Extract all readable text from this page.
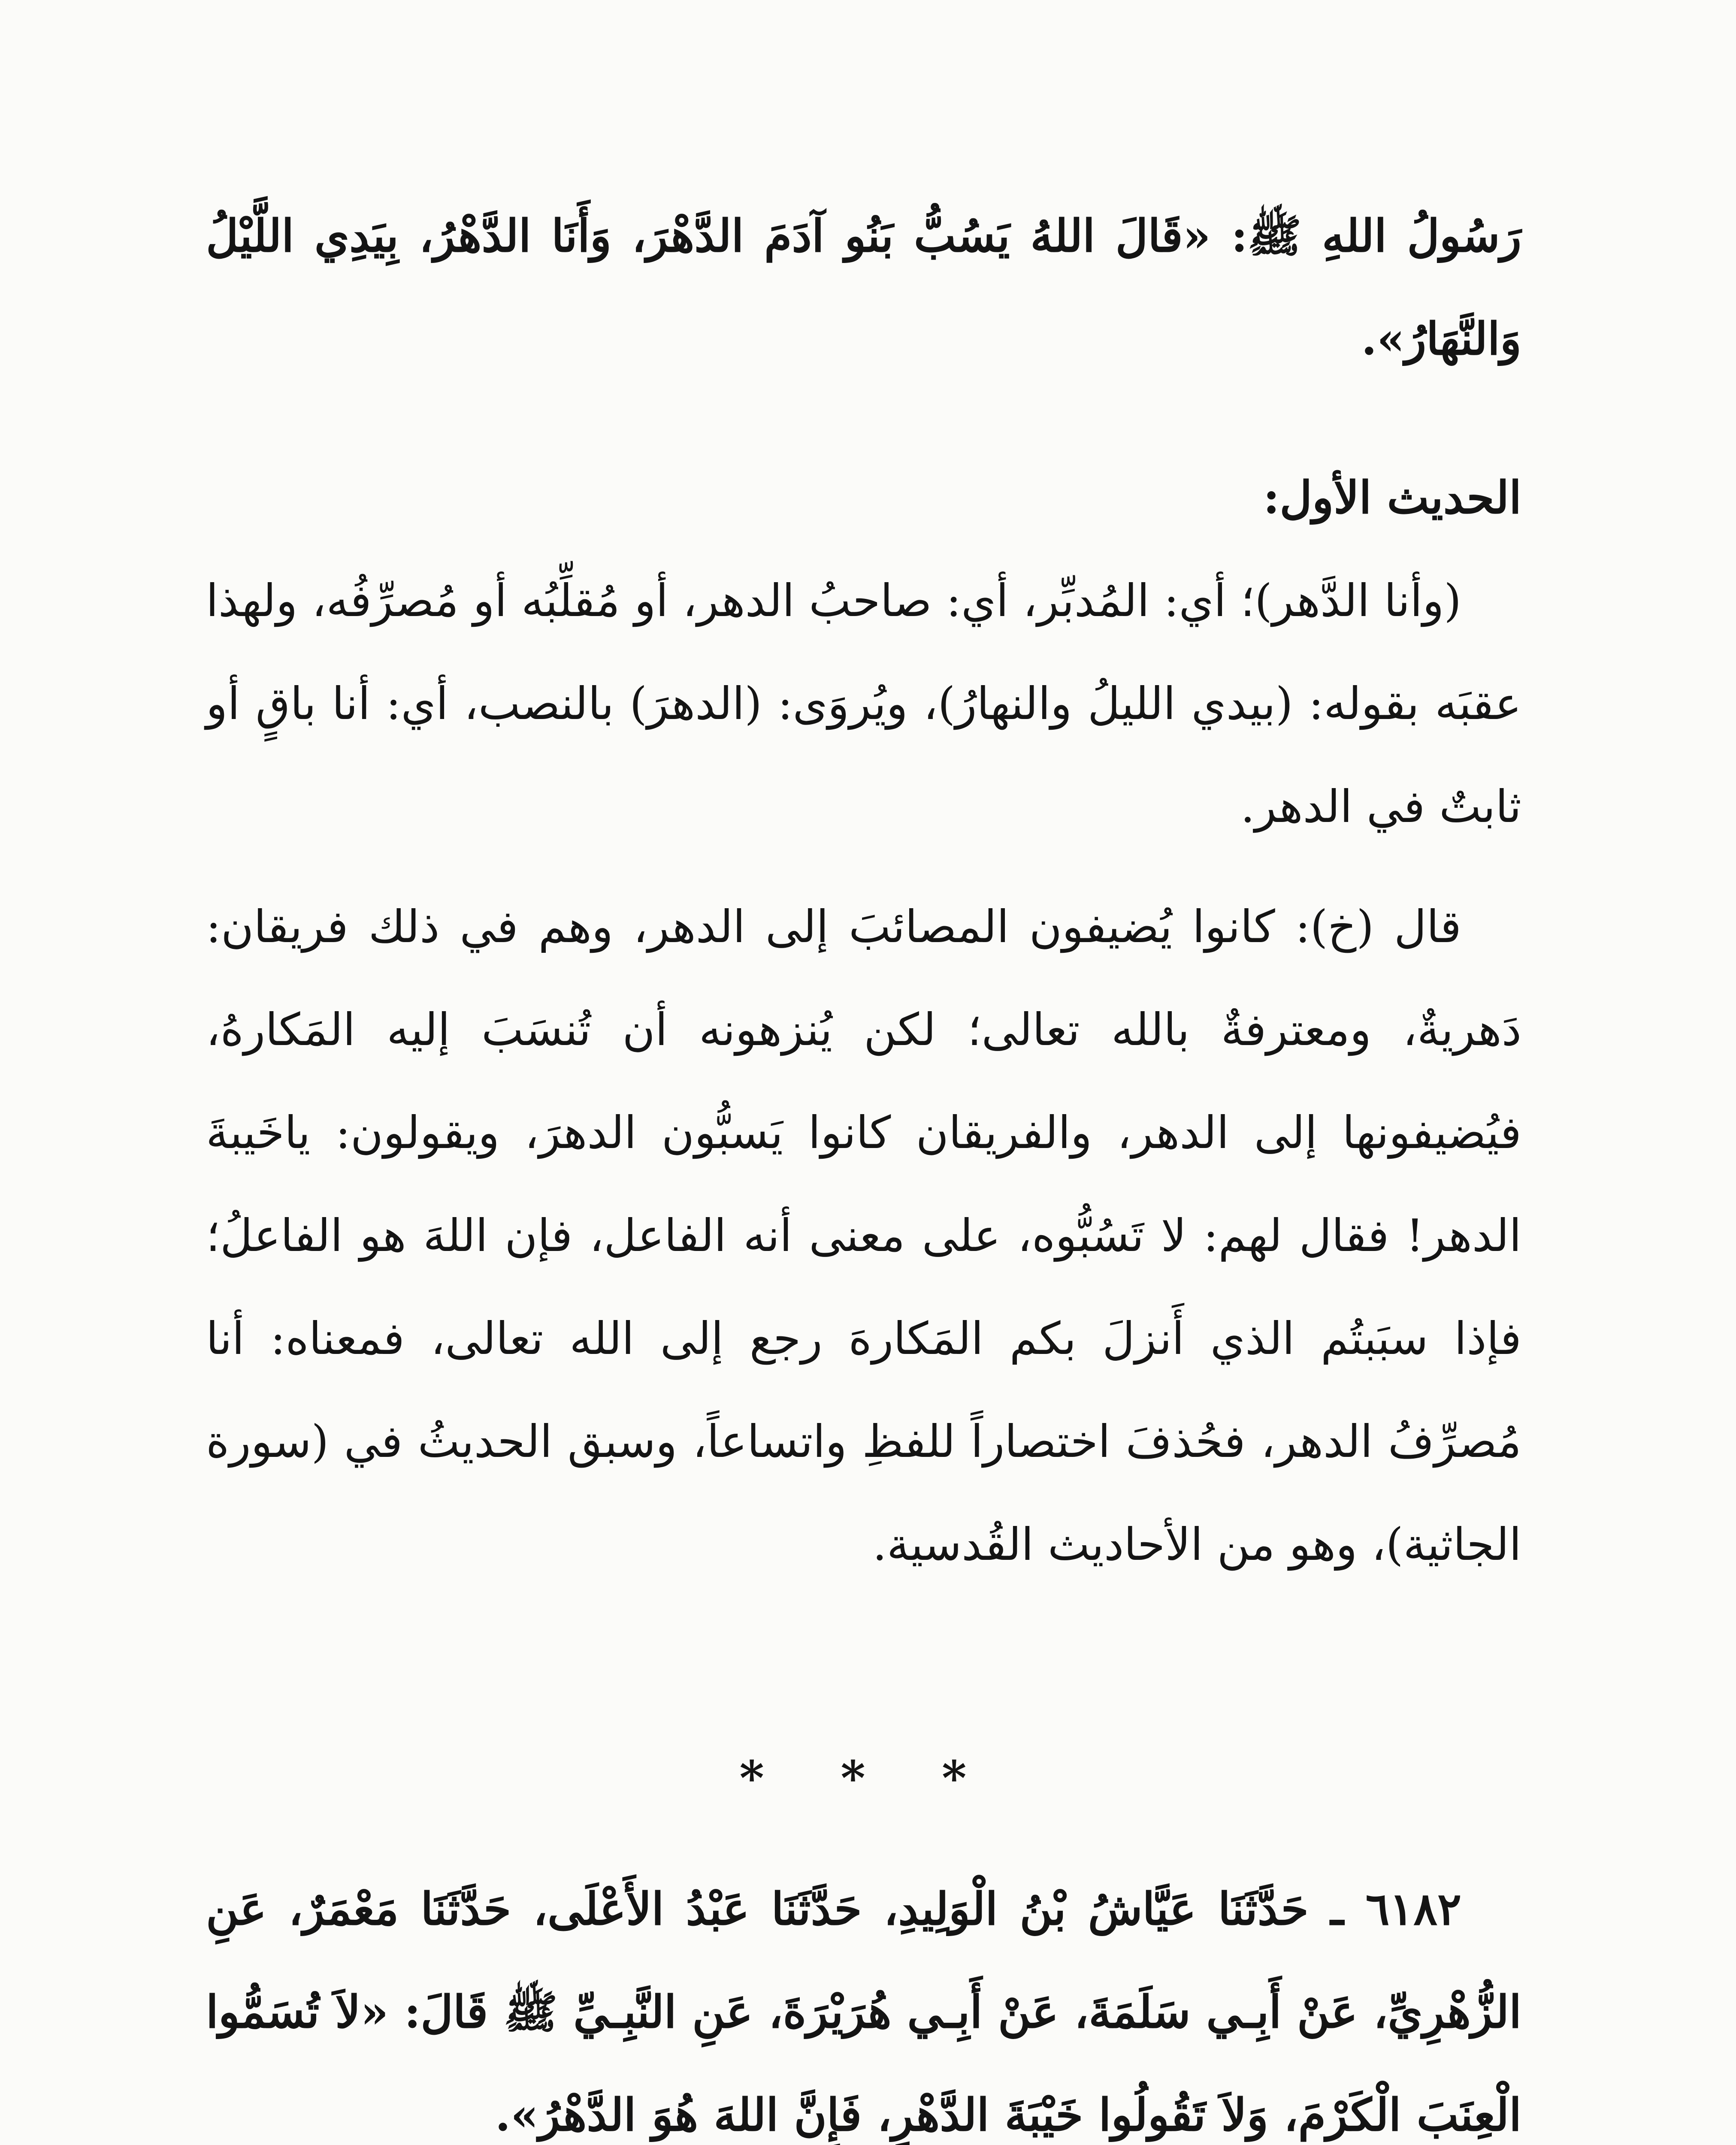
رَسُولُ اللهِ ﷺ: «قَالَ اللهُ يَسُبُّ بَنُو آدَمَ الدَّهْرَ، وَأَنَا الدَّهْرُ، بِيَدِي اللَّيْلُ وَالنَّهَارُ».

الحديث الأول:

(وأنا الدَّهر)؛ أي: المُدبِّر، أي: صاحبُ الدهر، أو مُقلِّبُه أو مُصرِّفُه، ولهذا عقبَه بقوله: (بيدي الليلُ والنهارُ)، ويُروَى: (الدهرَ) بالنصب، أي: أنا باقٍ أو ثابتٌ في الدهر.

قال (خ): كانوا يُضيفون المصائبَ إلى الدهر، وهم في ذلك فريقان: دَهريةٌ، ومعترفةٌ بالله تعالى؛ لكن يُنزهونه أن تُنسَبَ إليه المَكارهُ، فيُضيفونها إلى الدهر، والفريقان كانوا يَسبُّون الدهرَ، ويقولون: ياخَيبةَ الدهر! فقال لهم: لا تَسُبُّوه، على معنى أنه الفاعل، فإن اللهَ هو الفاعلُ؛ فإذا سبَبتُم الذي أَنزلَ بكم المَكارهَ رجع إلى الله تعالى، فمعناه: أنا مُصرِّفُ الدهر، فحُذفَ اختصاراً للفظِ واتساعاً، وسبق الحديثُ في (سورة الجاثية)، وهو من الأحاديث القُدسية.

* * *

٦١٨٢ ـ حَدَّثَنَا عَيَّاشُ بْنُ الْوَلِيدِ، حَدَّثَنَا عَبْدُ الأَعْلَى، حَدَّثَنَا مَعْمَرٌ، عَنِ الزُّهْرِيِّ، عَنْ أَبِـي سَلَمَةَ، عَنْ أَبِـي هُرَيْرَةَ، عَنِ النَّبِـيِّ ﷺ قَالَ: «لاَ تُسَمُّوا الْعِنَبَ الْكَرْمَ، وَلاَ تَقُولُوا خَيْبَةَ الدَّهْرِ، فَإِنَّ اللهَ هُوَ الدَّهْرُ».
